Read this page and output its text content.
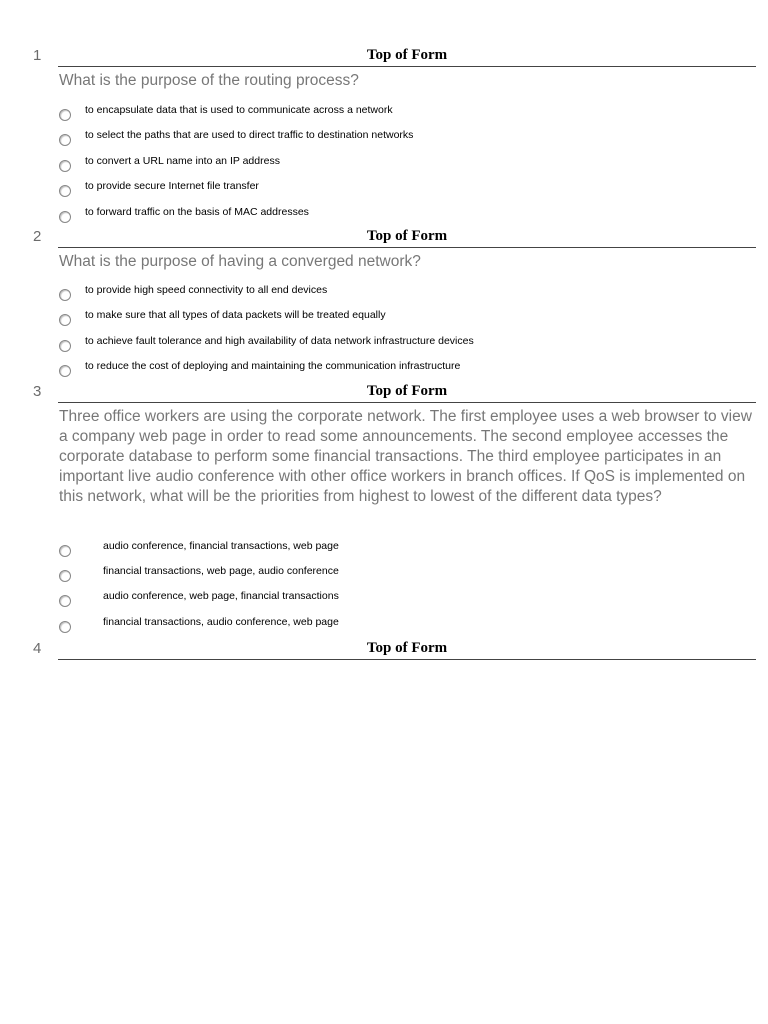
1	Top of Form

What is the purpose of the routing process?

to encapsulate data that is used to communicate across a network
to select the paths that are used to direct traffic to destination networks
to convert a URL name into an IP address
to provide secure Internet file transfer
to forward traffic on the basis of MAC addresses
2	Top of Form

What is the purpose of having a converged network?

to provide high speed connectivity to all end devices
to make sure that all types of data packets will be treated equally
to achieve fault tolerance and high availability of data network infrastructure devices
to reduce the cost of deploying and maintaining the communication infrastructure
3	Top of Form

Three office workers are using the corporate network. The first employee uses a web browser to view a company web page in order to read some announcements. The second employee accesses the corporate database to perform some financial transactions. The third employee participates in an important live audio conference with other office workers in branch offices. If QoS is implemented on this network, what will be the priorities from highest to lowest of the different data types?

audio conference, financial transactions, web page
financial transactions, web page, audio conference
audio conference, web page, financial transactions
financial transactions, audio conference, web page
4	Top of Form
